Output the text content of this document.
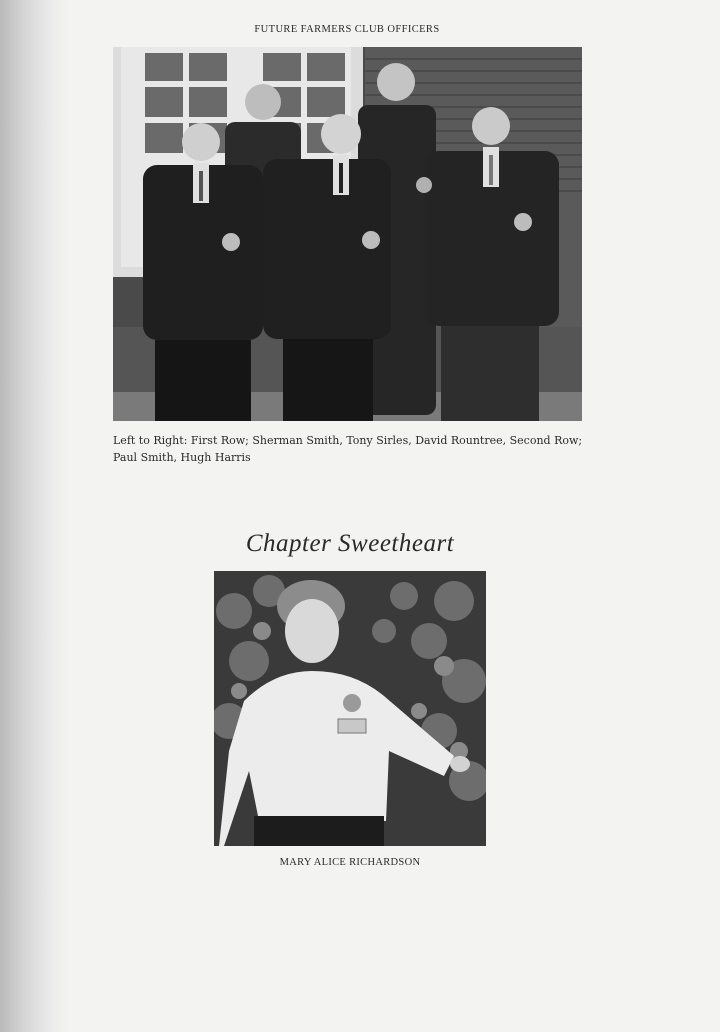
FUTURE FARMERS CLUB OFFICERS
Left to Right: First Row; Sherman Smith, Tony Sirles, David Rountree, Second Row; Paul Smith, Hugh Harris
Chapter Sweetheart
MARY ALICE RICHARDSON
